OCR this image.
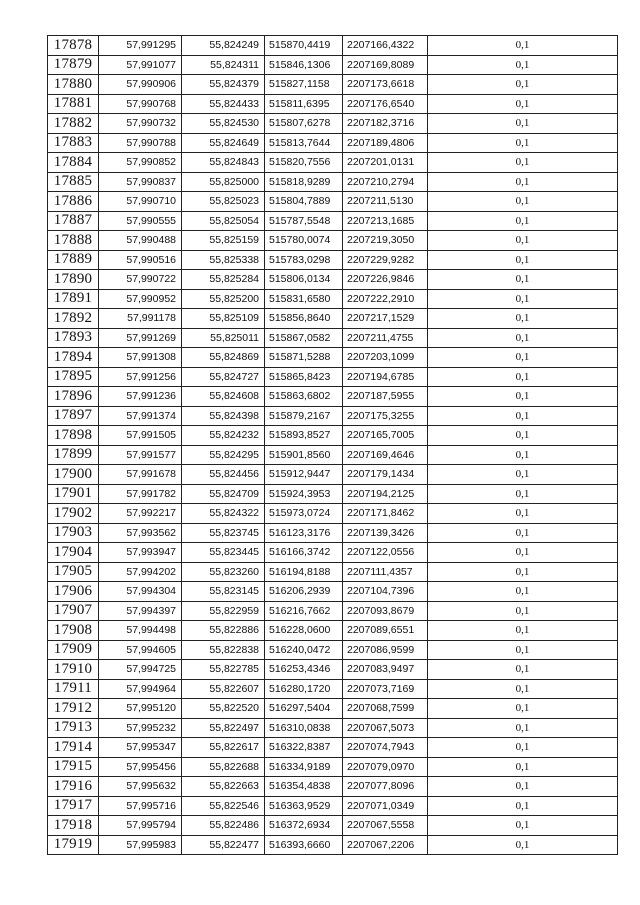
17878	57,991295	55,824249	515870,4419	2207166,4322	0,1
17879	57,991077	55,824311	515846,1306	2207169,8089	0,1
17880	57,990906	55,824379	515827,1158	2207173,6618	0,1
17881	57,990768	55,824433	515811,6395	2207176,6540	0,1
17882	57,990732	55,824530	515807,6278	2207182,3716	0,1
17883	57,990788	55,824649	515813,7644	2207189,4806	0,1
17884	57,990852	55,824843	515820,7556	2207201,0131	0,1
17885	57,990837	55,825000	515818,9289	2207210,2794	0,1
17886	57,990710	55,825023	515804,7889	2207211,5130	0,1
17887	57,990555	55,825054	515787,5548	2207213,1685	0,1
17888	57,990488	55,825159	515780,0074	2207219,3050	0,1
17889	57,990516	55,825338	515783,0298	2207229,9282	0,1
17890	57,990722	55,825284	515806,0134	2207226,9846	0,1
17891	57,990952	55,825200	515831,6580	2207222,2910	0,1
17892	57,991178	55,825109	515856,8640	2207217,1529	0,1
17893	57,991269	55,825011	515867,0582	2207211,4755	0,1
17894	57,991308	55,824869	515871,5288	2207203,1099	0,1
17895	57,991256	55,824727	515865,8423	2207194,6785	0,1
17896	57,991236	55,824608	515863,6802	2207187,5955	0,1
17897	57,991374	55,824398	515879,2167	2207175,3255	0,1
17898	57,991505	55,824232	515893,8527	2207165,7005	0,1
17899	57,991577	55,824295	515901,8560	2207169,4646	0,1
17900	57,991678	55,824456	515912,9447	2207179,1434	0,1
17901	57,991782	55,824709	515924,3953	2207194,2125	0,1
17902	57,992217	55,824322	515973,0724	2207171,8462	0,1
17903	57,993562	55,823745	516123,3176	2207139,3426	0,1
17904	57,993947	55,823445	516166,3742	2207122,0556	0,1
17905	57,994202	55,823260	516194,8188	2207111,4357	0,1
17906	57,994304	55,823145	516206,2939	2207104,7396	0,1
17907	57,994397	55,822959	516216,7662	2207093,8679	0,1
17908	57,994498	55,822886	516228,0600	2207089,6551	0,1
17909	57,994605	55,822838	516240,0472	2207086,9599	0,1
17910	57,994725	55,822785	516253,4346	2207083,9497	0,1
17911	57,994964	55,822607	516280,1720	2207073,7169	0,1
17912	57,995120	55,822520	516297,5404	2207068,7599	0,1
17913	57,995232	55,822497	516310,0838	2207067,5073	0,1
17914	57,995347	55,822617	516322,8387	2207074,7943	0,1
17915	57,995456	55,822688	516334,9189	2207079,0970	0,1
17916	57,995632	55,822663	516354,4838	2207077,8096	0,1
17917	57,995716	55,822546	516363,9529	2207071,0349	0,1
17918	57,995794	55,822486	516372,6934	2207067,5558	0,1
17919	57,995983	55,822477	516393,6660	2207067,2206	0,1
